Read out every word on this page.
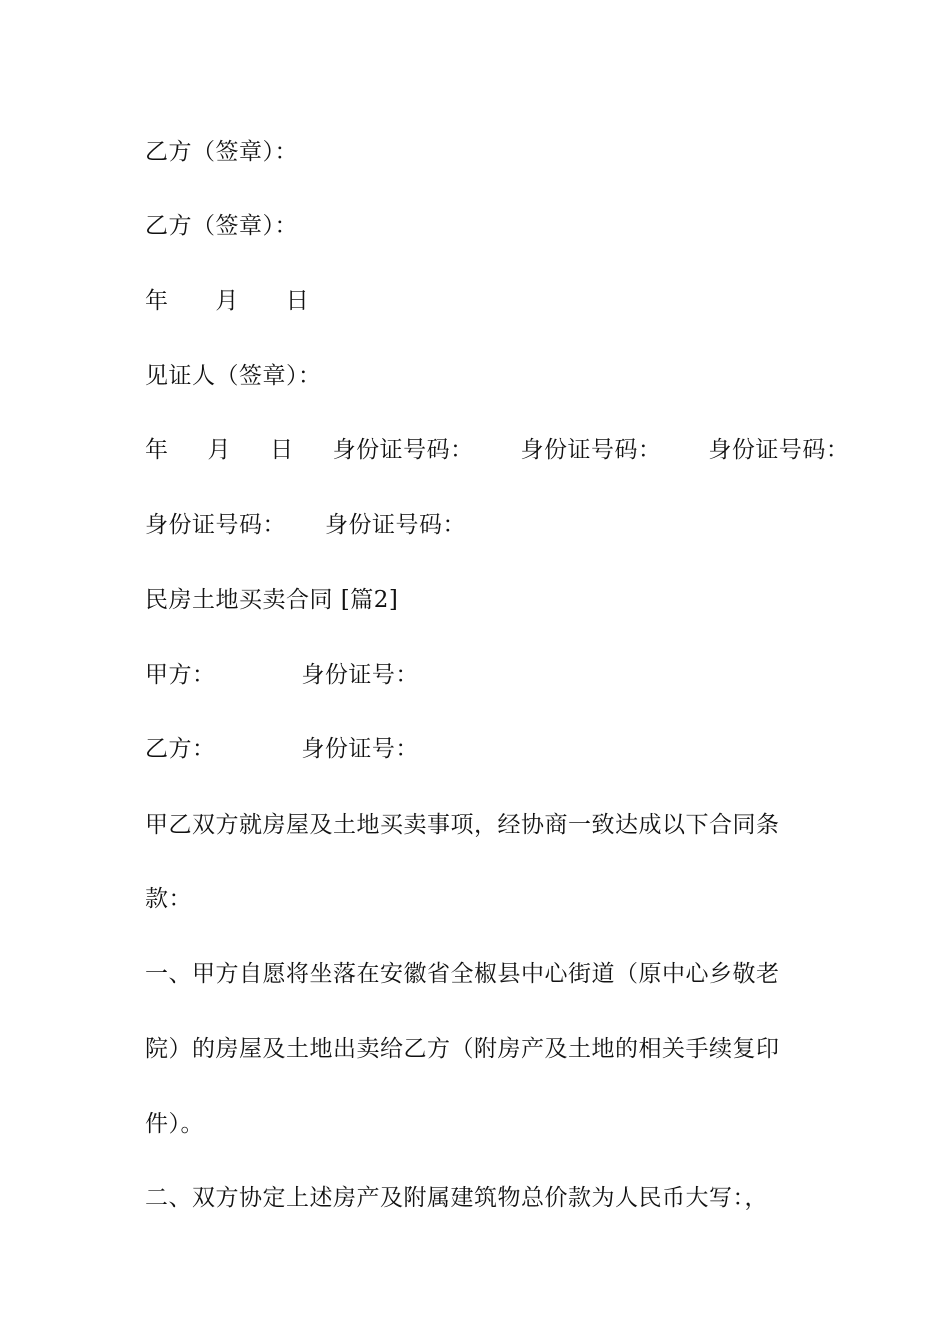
乙方（签章）：

乙方（签章）：

年      月      日

见证人（签章）：

年     月     日     身份证号码：      身份证号码：      身份证号码：

身份证号码：     身份证号码：

民房土地买卖合同 [篇2]

甲方：           身份证号：

乙方：           身份证号：

甲乙双方就房屋及土地买卖事项，经协商一致达成以下合同条

款：

一、甲方自愿将坐落在安徽省全椒县中心街道（原中心乡敬老

院）的房屋及土地出卖给乙方（附房产及土地的相关手续复印

件）。

二、双方协定上述房产及附属建筑物总价款为人民币大写：，
